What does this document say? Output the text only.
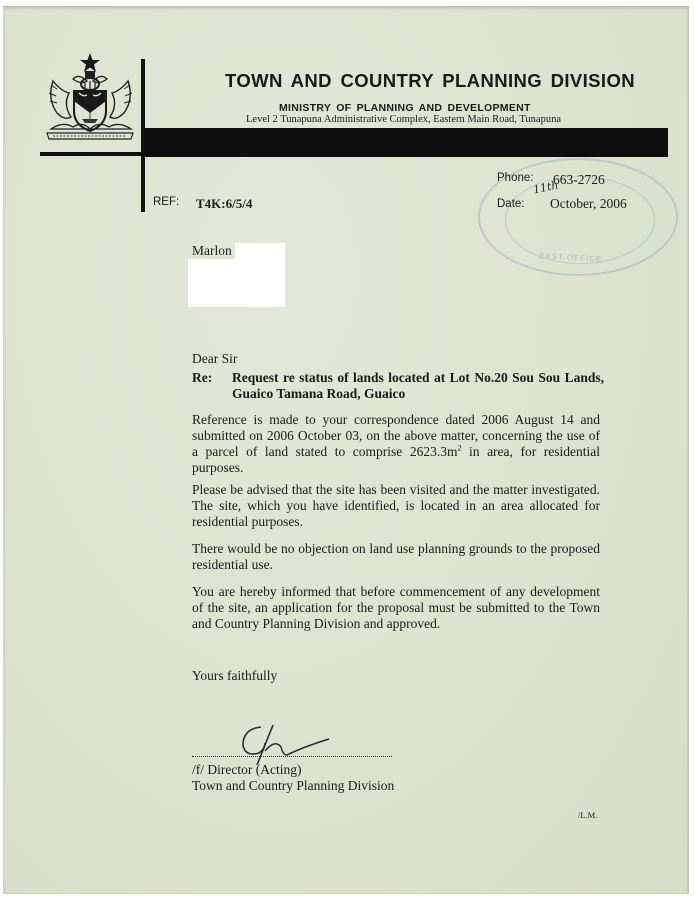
TOWN AND COUNTRY PLANNING DIVISION
MINISTRY OF PLANNING AND DEVELOPMENT
Level 2 Tunapuna Administrative Complex, Eastern Main Road, Tunapuna
EAST OFFICE
Phone: 663-2726
Date:
11th
October, 2006
REF: T4K:6/5/4
Marlon
Dear Sir
Re: Request re status of lands located at Lot No.20 Sou Sou Lands, Guaico Tamana Road, Guaico
Reference is made to your correspondence dated 2006 August 14 and submitted on 2006 October 03, on the above matter, concerning the use of a parcel of land stated to comprise $2623.3m^2$ in area, for residential purposes.
Please be advised that the site has been visited and the matter investigated. The site, which you have identified, is located in an area allocated for residential purposes.
There would be no objection on land use planning grounds to the proposed residential use.
You are hereby informed that before commencement of any development of the site, an application for the proposal must be submitted to the Town and Country Planning Division and approved.
Yours faithfully
/f/ Director (Acting)
Town and Country Planning Division
/L.M.
